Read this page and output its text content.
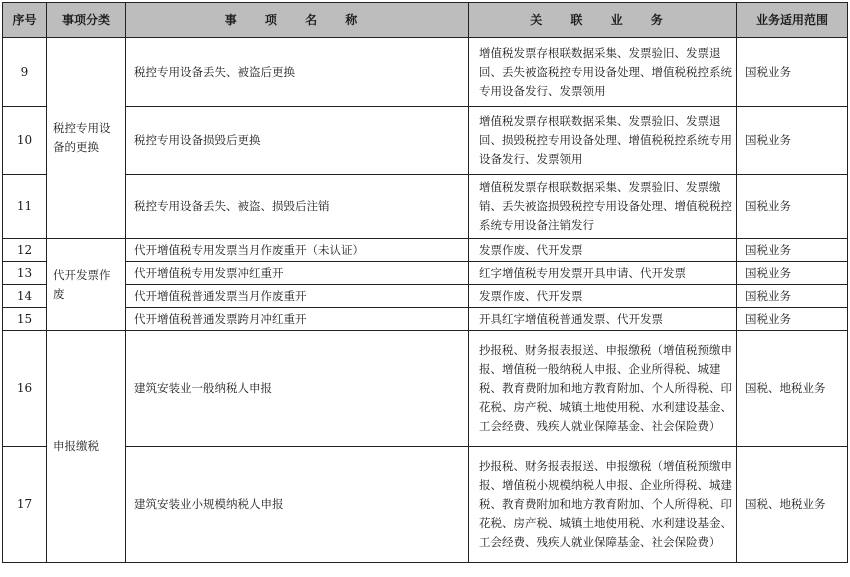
序号	事项分类	事 项 名 称	关 联 业 务	业务适用范围
9	税控专用设备的更换	税控专用设备丢失、被盗后更换	增值税发票存根联数据采集、发票验旧、发票退回、丢失被盗税控专用设备处理、增值税税控系统专用设备发行、发票领用	国税业务
10		税控专用设备损毁后更换	增值税发票存根联数据采集、发票验旧、发票退回、损毁税控专用设备处理、增值税税控系统专用设备发行、发票领用	国税业务
11		税控专用设备丢失、被盗、损毁后注销	增值税发票存根联数据采集、发票验旧、发票缴销、丢失被盗损毁税控专用设备处理、增值税税控系统专用设备注销发行	国税业务
12	代开发票作废	代开增值税专用发票当月作废重开（未认证）	发票作废、代开发票	国税业务
13		代开增值税专用发票冲红重开	红字增值税专用发票开具申请、代开发票	国税业务
14		代开增值税普通发票当月作废重开	发票作废、代开发票	国税业务
15		代开增值税普通发票跨月冲红重开	开具红字增值税普通发票、代开发票	国税业务
16	申报缴税	建筑安装业一般纳税人申报	抄报税、财务报表报送、申报缴税（增值税预缴申报、增值税一般纳税人申报、企业所得税、城建税、教育费附加和地方教育附加、个人所得税、印花税、房产税、城镇土地使用税、水利建设基金、工会经费、残疾人就业保障基金、社会保险费）	国税、地税业务
17		建筑安装业小规模纳税人申报	抄报税、财务报表报送、申报缴税（增值税预缴申报、增值税小规模纳税人申报、企业所得税、城建税、教育费附加和地方教育附加、个人所得税、印花税、房产税、城镇土地使用税、水利建设基金、工会经费、残疾人就业保障基金、社会保险费）	国税、地税业务
